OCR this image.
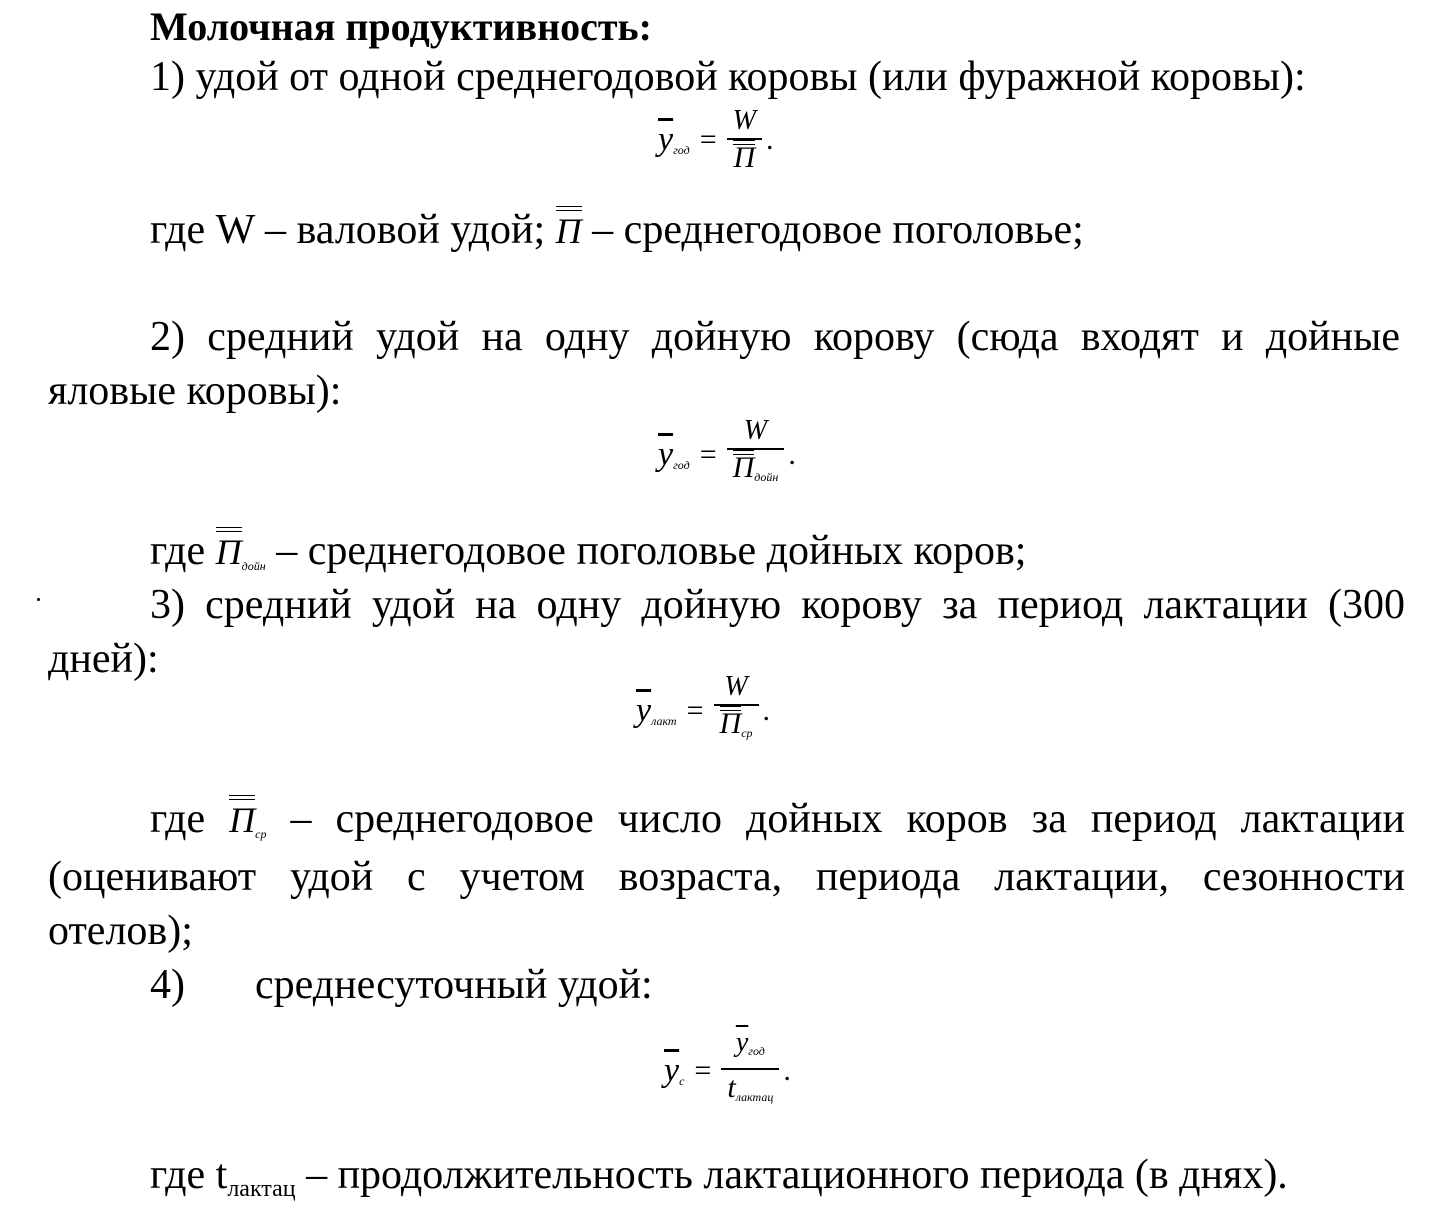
Молочная продуктивность:
1) удой от одной среднегодовой коровы (или фуражной коровы):
$\overline{y}_{год} = \frac{W}{П}$ .
где W – валовой удой; П – среднегодовое поголовье;
2) средний удой на одну дойную корову (сюда входят и дойные
яловые коровы):
$\overline{y}_{год} = \frac{W}{П_{дойн}}$ .
где Пдойн – среднегодовое поголовье дойных коров;
3) средний удой на одну дойную корову за период лактации (300
дней):
$\overline{y}_{лакт} = \frac{W}{П_{ср}}$ .
где Пср – среднегодовое число дойных коров за период лактации
(оценивают удой с учетом возраста, периода лактации, сезонности
отелов);
4) среднесуточный удой:
$\overline{y}_с = \frac{\overline{y}_{год}}{t_{лактац}}$ .
где tлактац – продолжительность лактационного периода (в днях).
